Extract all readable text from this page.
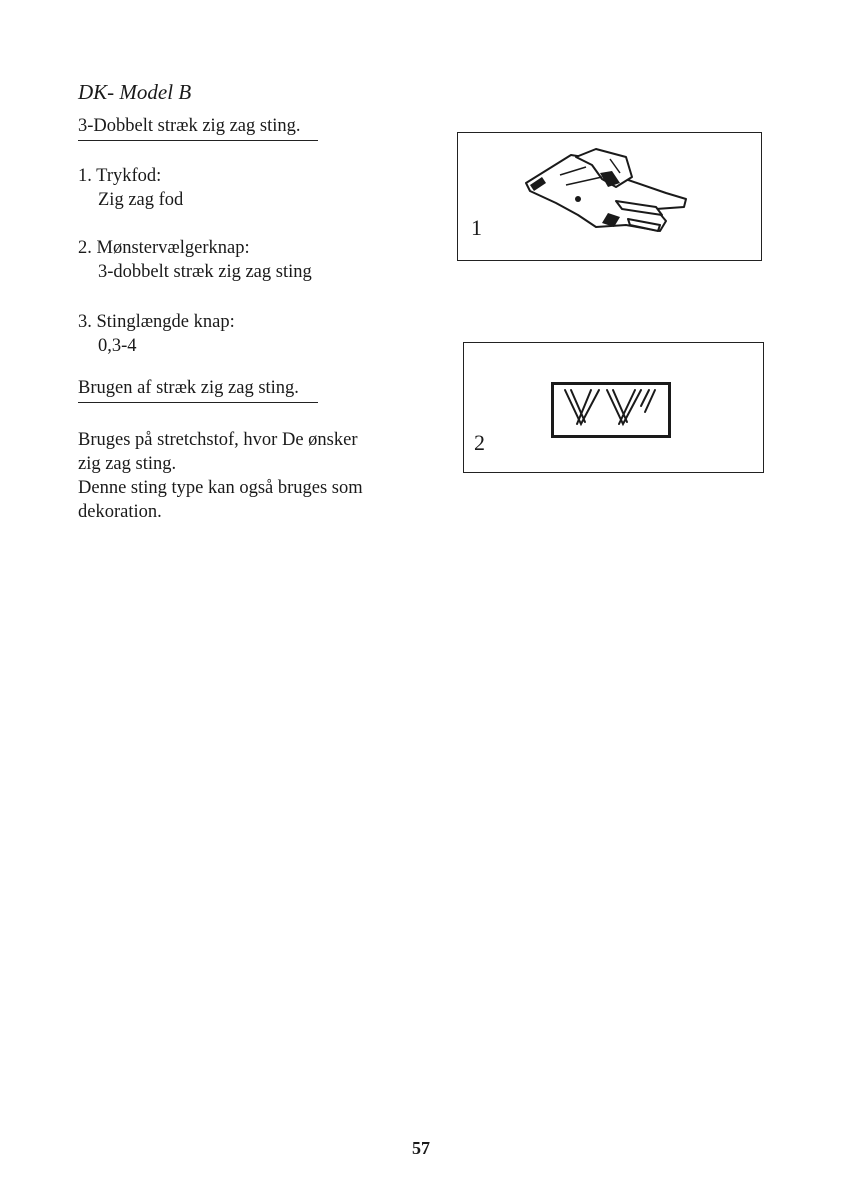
DK- Model B
3-Dobbelt stræk zig zag sting.
1. Trykfod:
Zig zag fod
2. Mønstervælgerknap:
3-dobbelt stræk zig zag sting
3. Stinglængde knap:
0,3-4
Brugen af stræk zig zag sting.
Bruges på stretchstof, hvor De ønsker
zig zag sting.
Denne sting type kan også bruges som
dekoration.
1
2
57
